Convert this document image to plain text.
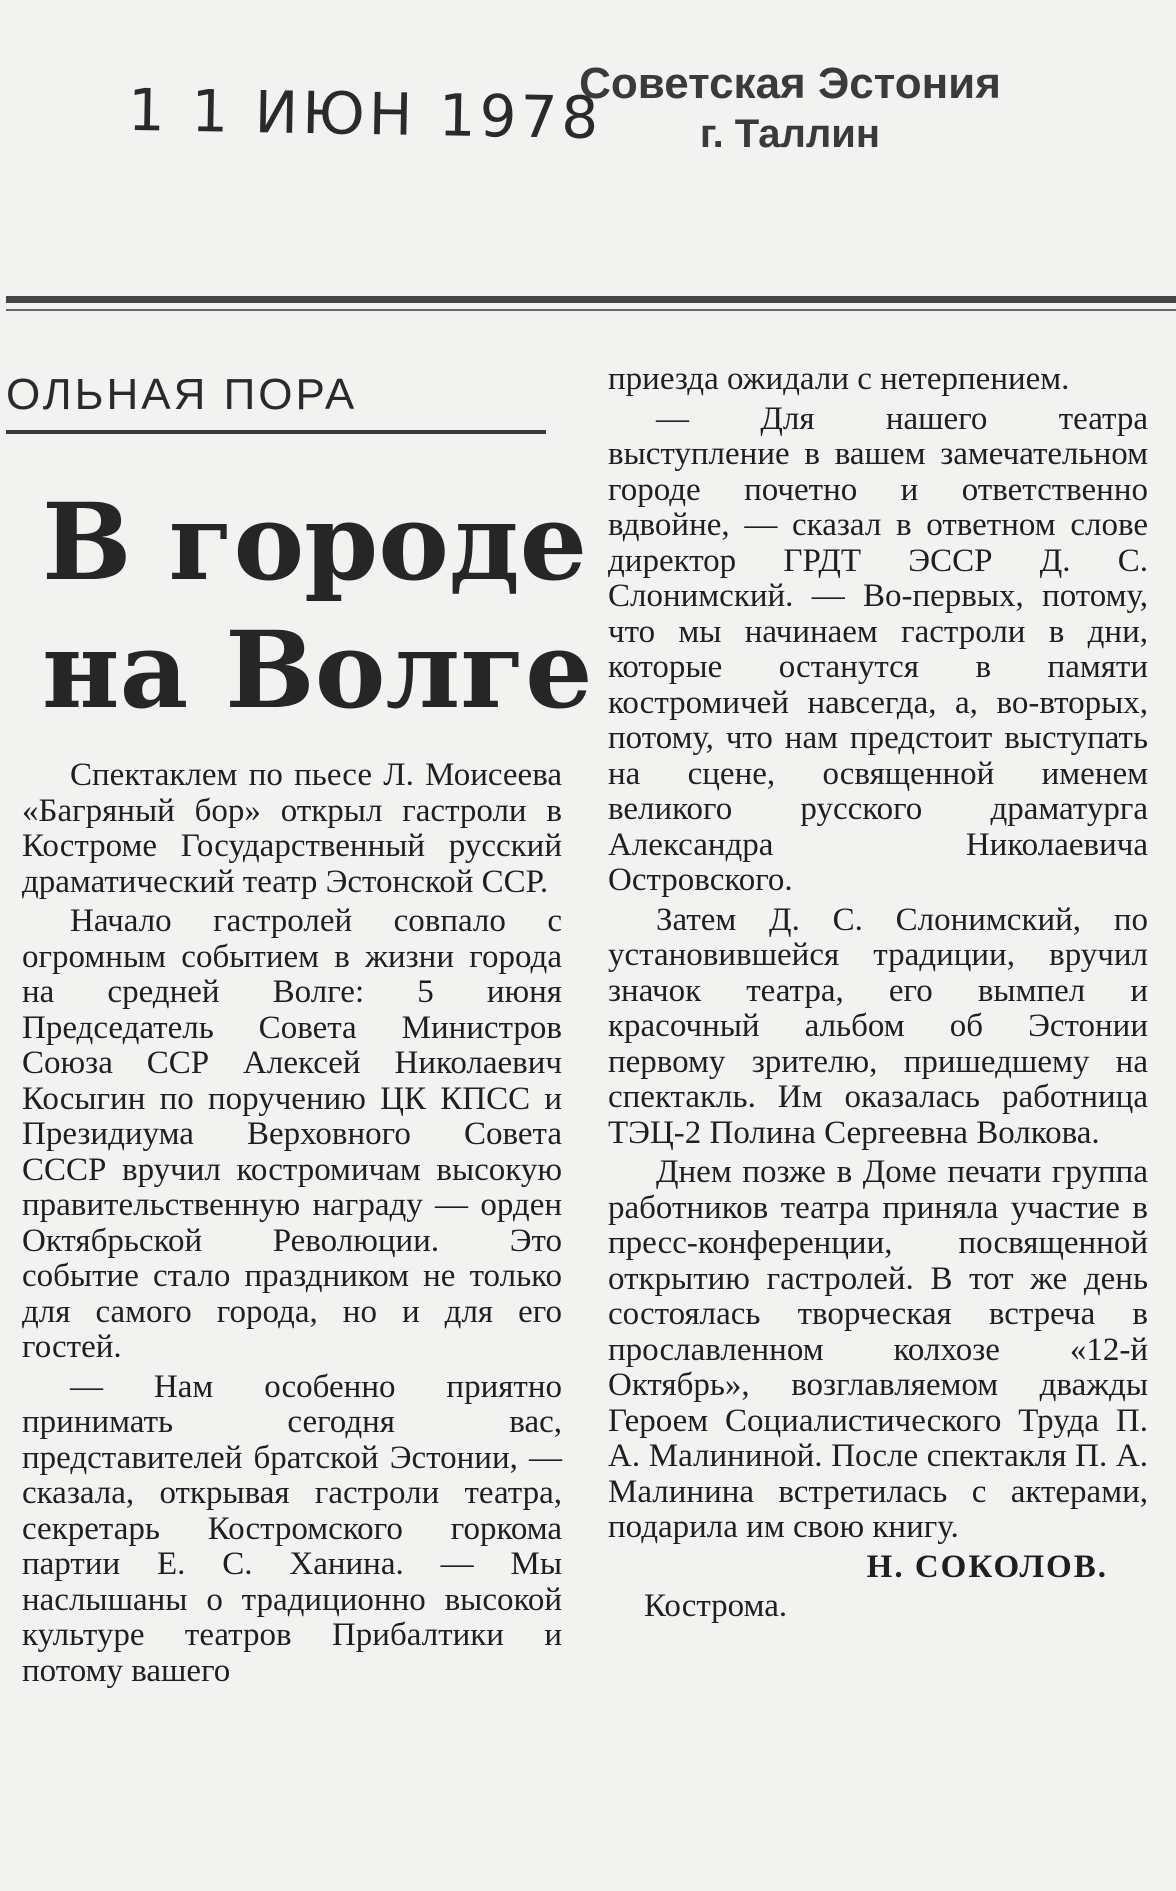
1 1 ИЮН 1978
Советская Эстония
г. Таллин
ОЛЬНАЯ ПОРА
В городе
на Волге

Спектаклем по пьесе Л. Моисеева «Багряный бор» открыл гастроли в Костроме Государственный русский драматический театр Эстонской ССР.

Начало гастролей совпало с огромным событием в жизни города на средней Волге: 5 июня Председатель Совета Министров Союза ССР Алексей Николаевич Косыгин по поручению ЦК КПСС и Президиума Верховного Совета СССР вручил костромичам высокую правительственную награду — орден Октябрьской Революции. Это событие стало праздником не только для самого города, но и для его гостей.

— Нам особенно приятно принимать сегодня вас, представителей братской Эстонии, — сказала, открывая гастроли театра, секретарь Костромского горкома партии Е. С. Ханина. — Мы наслышаны о традиционно высокой культуре театров Прибалтики и потому вашего

приезда ожидали с нетерпением.

— Для нашего театра выступление в вашем замечательном городе почетно и ответственно вдвойне, — сказал в ответном слове директор ГРДТ ЭССР Д. С. Слонимский. — Во-первых, потому, что мы начинаем гастроли в дни, которые останутся в памяти костромичей навсегда, а, во-вторых, потому, что нам предстоит выступать на сцене, освященной именем великого русского драматурга Александра Николаевича Островского.

Затем Д. С. Слонимский, по установившейся традиции, вручил значок театра, его вымпел и красочный альбом об Эстонии первому зрителю, пришедшему на спектакль. Им оказалась работница ТЭЦ-2 Полина Сергеевна Волкова.

Днем позже в Доме печати группа работников театра приняла участие в пресс-конференции, посвященной открытию гастролей. В тот же день состоялась творческая встреча в прославленном колхозе «12-й Октябрь», возглавляемом дважды Героем Социалистического Труда П. А. Малининой. После спектакля П. А. Малинина встретилась с актерами, подарила им свою книгу.

Н. СОКОЛОВ.

Кострома.
